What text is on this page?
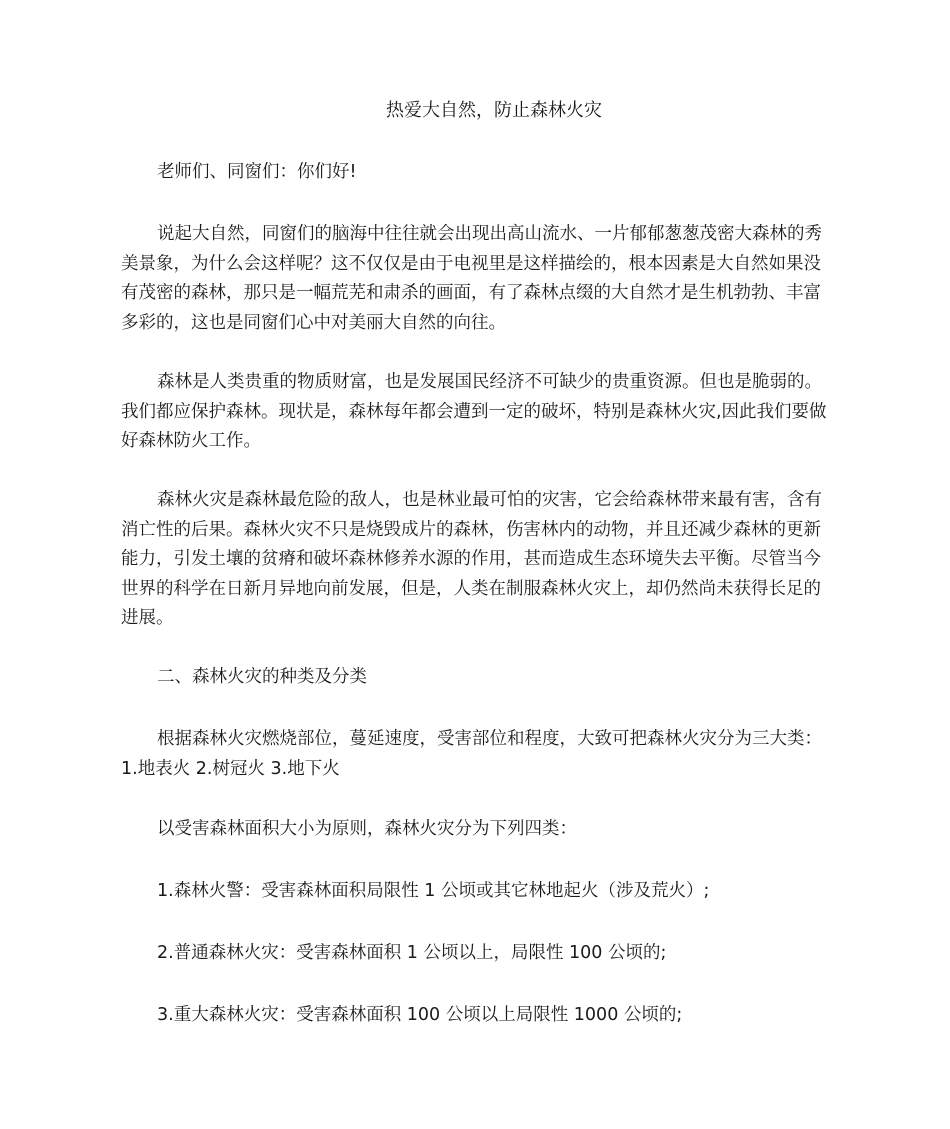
热爱大自然，防止森林火灾

老师们、同窗们：你们好!

说起大自然，同窗们的脑海中往往就会出现出高山流水、一片郁郁葱葱茂密大森林的秀美景象，为什么会这样呢？这不仅仅是由于电视里是这样描绘的，根本因素是大自然如果没有茂密的森林，那只是一幅荒芜和肃杀的画面，有了森林点缀的大自然才是生机勃勃、丰富多彩的，这也是同窗们心中对美丽大自然的向往。

森林是人类贵重的物质财富，也是发展国民经济不可缺少的贵重资源。但也是脆弱的。我们都应保护森林。现状是，森林每年都会遭到一定的破坏，特别是森林火灾,因此我们要做好森林防火工作。

森林火灾是森林最危险的敌人，也是林业最可怕的灾害，它会给森林带来最有害，含有消亡性的后果。森林火灾不只是烧毁成片的森林，伤害林内的动物，并且还减少森林的更新能力，引发土壤的贫瘠和破坏森林修养水源的作用，甚而造成生态环境失去平衡。尽管当今世界的科学在日新月异地向前发展，但是，人类在制服森林火灾上，却仍然尚未获得长足的进展。

二、森林火灾的种类及分类

根据森林火灾燃烧部位，蔓延速度，受害部位和程度，大致可把森林火灾分为三大类：1.地表火 2.树冠火 3.地下火

以受害森林面积大小为原则，森林火灾分为下列四类：

1.森林火警：受害森林面积局限性 1 公顷或其它林地起火（涉及荒火）;

2.普通森林火灾：受害森林面积 1 公顷以上，局限性 100 公顷的;

3.重大森林火灾：受害森林面积 100 公顷以上局限性 1000 公顷的;
